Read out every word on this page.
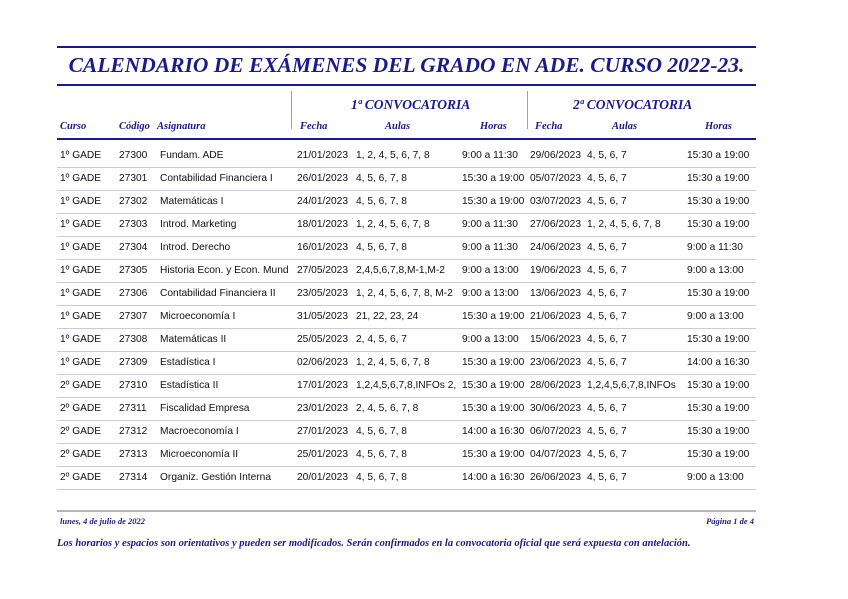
CALENDARIO DE EXÁMENES DEL GRADO EN ADE. CURSO 2022-23.
1ª CONVOCATORIA	2ª CONVOCATORIA
Curso	Código Asignatura	Fecha	Aulas	Horas	Fecha	Aulas	Horas
1º GADE	27300	Fundam. ADE	21/01/2023 1, 2, 4, 5, 6, 7, 8	9:00 a 11:30	29/06/2023 4, 5, 6, 7	15:30 a 19:00
1º GADE	27301	Contabilidad Financiera I	26/01/2023 4, 5, 6, 7, 8	15:30 a 19:00 05/07/2023 4, 5, 6, 7	15:30 a 19:00
1º GADE	27302	Matemáticas I	24/01/2023 4, 5, 6, 7, 8	15:30 a 19:00 03/07/2023 4, 5, 6, 7	15:30 a 19:00
1º GADE	27303	Introd. Marketing	18/01/2023 1, 2, 4, 5, 6, 7, 8	9:00 a 11:30	27/06/2023 1, 2, 4, 5, 6, 7, 8	15:30 a 19:00
1º GADE	27304	Introd. Derecho	16/01/2023 4, 5, 6, 7, 8	9:00 a 11:30	24/06/2023 4, 5, 6, 7	9:00 a 11:30
1º GADE	27305	Historia Econ. y Econ. Mund 27/05/2023 2,4,5,6,7,8,M-1,M-2	9:00 a 13:00	19/06/2023 4, 5, 6, 7	9:00 a 13:00
1º GADE	27306	Contabilidad Financiera II	23/05/2023 1, 2, 4, 5, 6, 7, 8, M-2 9:00 a 13:00	13/06/2023 4, 5, 6, 7	15:30 a 19:00
1º GADE	27307	Microeconomía I	31/05/2023 21, 22, 23, 24	15:30 a 19:00 21/06/2023 4, 5, 6, 7	9:00 a 13:00
1º GADE	27308	Matemáticas II	25/05/2023 2, 4, 5, 6, 7	9:00 a 13:00	15/06/2023 4, 5, 6, 7	15:30 a 19:00
1º GADE	27309	Estadística I	02/06/2023 1, 2, 4, 5, 6, 7, 8	15:30 a 19:00 23/06/2023 4, 5, 6, 7	14:00 a 16:30
2º GADE	27310	Estadística II	17/01/2023 1,2,4,5,6,7,8,INFOs 2, 15:30 a 19:00 28/06/2023 1,2,4,5,6,7,8,INFOs	15:30 a 19:00
2º GADE	27311	Fiscalidad Empresa	23/01/2023 2, 4, 5, 6, 7, 8	15:30 a 19:00 30/06/2023 4, 5, 6, 7	15:30 a 19:00
2º GADE	27312	Macroeconomía I	27/01/2023 4, 5, 6, 7, 8	14:00 a 16:30 06/07/2023 4, 5, 6, 7	15:30 a 19:00
2º GADE	27313	Microeconomía II	25/01/2023 4, 5, 6, 7, 8	15:30 a 19:00 04/07/2023 4, 5, 6, 7	15:30 a 19:00
2º GADE	27314	Organiz. Gestión Interna	20/01/2023 4, 5, 6, 7, 8	14:00 a 16:30 26/06/2023 4, 5, 6, 7	9:00 a 13:00
lunes, 4 de julio de 2022	Página 1 de 4
Los horarios y espacios son orientativos y pueden ser modificados. Serán confirmados en la convocatoria oficial que será expuesta con antelación.
